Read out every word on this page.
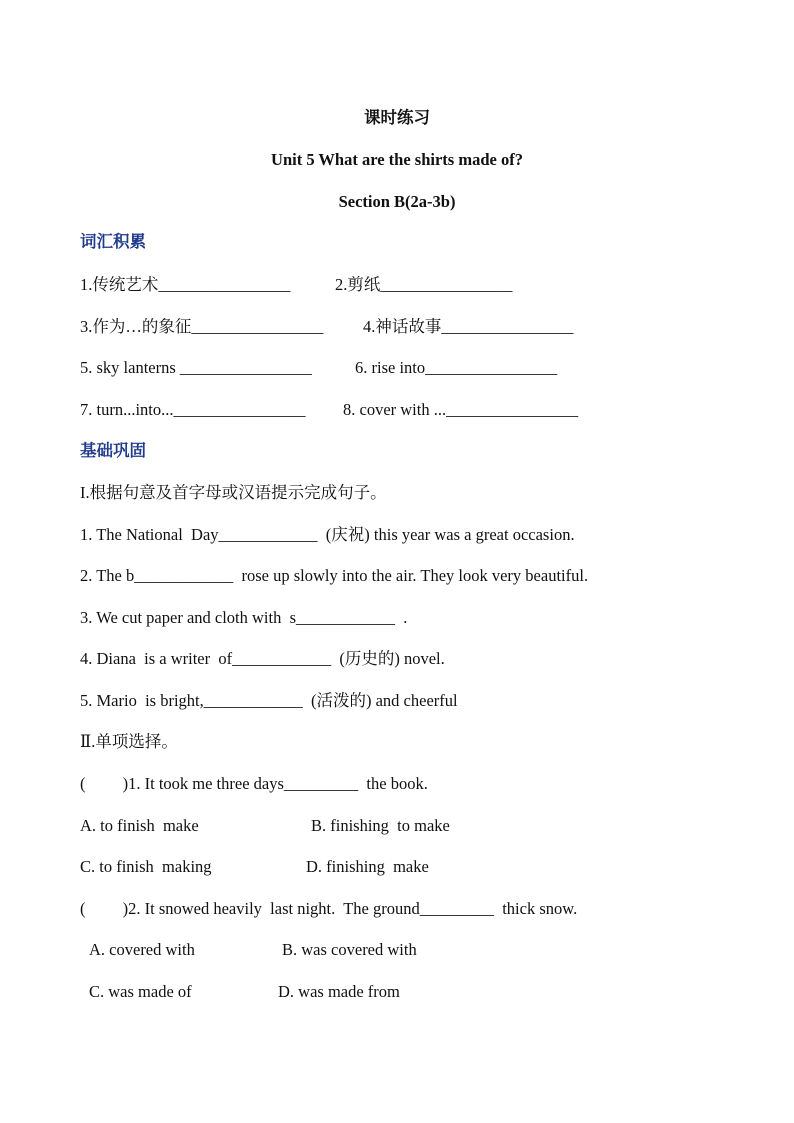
课时练习
Unit 5 What are the shirts made of?
Section B(2a-3b)
词汇积累
1.传统艺术________________	2.剪纸________________
3.作为…的象征________________ 4.神话故事________________
5. sky lanterns ________________	6. rise into________________
7. turn...into...________________ 8. cover with ...________________
基础巩固
I.根据句意及首字母或汉语提示完成句子。
1. The National  Day____________  (庆祝) this year was a great occasion.
2. The b____________  rose up slowly into the air. They look very beautiful.
3. We cut paper and cloth with  s____________  .
4. Diana  is a writer  of____________  (历史的) novel.
5. Mario  is bright,____________  (活泼的) and cheerful
Ⅱ.单项选择。
(         )1. It took me three days_________  the book.
A. to finish  make	B. finishing  to make
C. to finish  making	D. finishing  make
(         )2. It snowed heavily  last night.  The ground_________  thick snow.
A. covered with	B. was covered with
C. was made of	D. was made from
